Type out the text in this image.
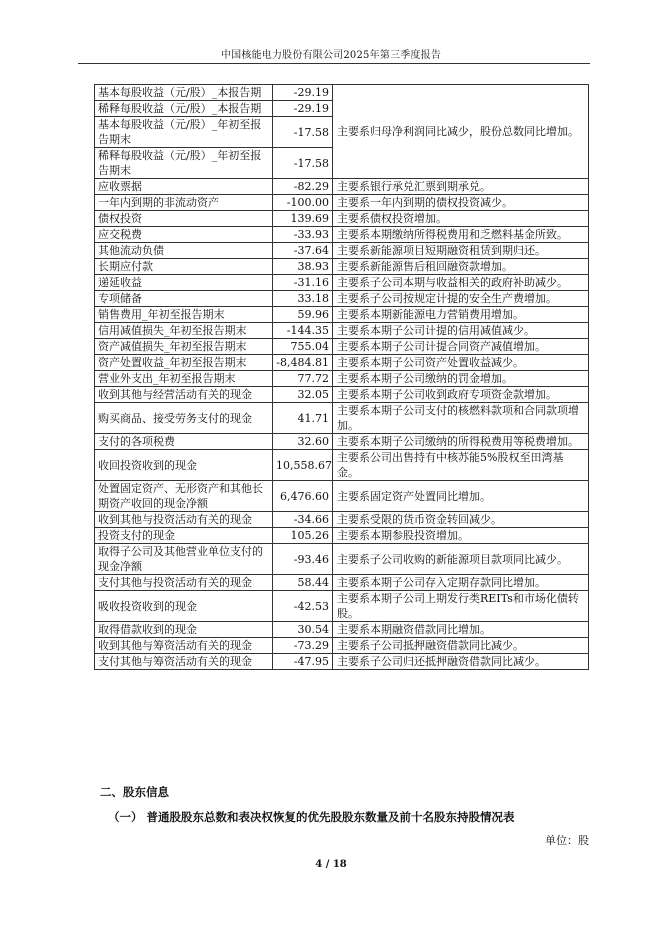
中国核能电力股份有限公司2025年第三季度报告
基本每股收益（元/股）_本报告期	-29.19	主要系归母净利润同比减少，股份总数同比增加。
稀释每股收益（元/股）_本报告期	-29.19	
基本每股收益（元/股）_年初至报告期末	-17.58	
稀释每股收益（元/股）_年初至报告期末	-17.58	
应收票据	-82.29	主要系银行承兑汇票到期承兑。
一年内到期的非流动资产	-100.00	主要系一年内到期的债权投资减少。
债权投资	139.69	主要系债权投资增加。
应交税费	-33.93	主要系本期缴纳所得税费用和乏燃料基金所致。
其他流动负债	-37.64	主要系新能源项目短期融资租赁到期归还。
长期应付款	38.93	主要系新能源售后租回融资款增加。
递延收益	-31.16	主要系子公司本期与收益相关的政府补助减少。
专项储备	33.18	主要系子公司按规定计提的安全生产费增加。
销售费用_年初至报告期末	59.96	主要系本期新能源电力营销费用增加。
信用减值损失_年初至报告期末	-144.35	主要系本期子公司计提的信用减值减少。
资产减值损失_年初至报告期末	755.04	主要系本期子公司计提合同资产减值增加。
资产处置收益_年初至报告期末	-8,484.81	主要系本期子公司资产处置收益减少。
营业外支出_年初至报告期末	77.72	主要系本期子公司缴纳的罚金增加。
收到其他与经营活动有关的现金	32.05	主要系本期子公司收到政府专项资金款增加。
购买商品、接受劳务支付的现金	41.71	主要系本期子公司支付的核燃料款项和合同款项增加。
支付的各项税费	32.60	主要系本期子公司缴纳的所得税费用等税费增加。
收回投资收到的现金	10,558.67	主要系公司出售持有中核苏能5%股权至田湾基金。
处置固定资产、无形资产和其他长期资产收回的现金净额	6,476.60	主要系固定资产处置同比增加。
收到其他与投资活动有关的现金	-34.66	主要系受限的货币资金转回减少。
投资支付的现金	105.26	主要系本期参股投资增加。
取得子公司及其他营业单位支付的现金净额	-93.46	主要系子公司收购的新能源项目款项同比减少。
支付其他与投资活动有关的现金	58.44	主要系本期子公司存入定期存款同比增加。
吸收投资收到的现金	-42.53	主要系本期子公司上期发行类REITs和市场化债转股。
取得借款收到的现金	30.54	主要系本期融资借款同比增加。
收到其他与筹资活动有关的现金	-73.29	主要系子公司抵押融资借款同比减少。
支付其他与筹资活动有关的现金	-47.95	主要系子公司归还抵押融资借款同比减少。
二、股东信息
（一） 普通股股东总数和表决权恢复的优先股股东数量及前十名股东持股情况表
单位：股
4 / 18
